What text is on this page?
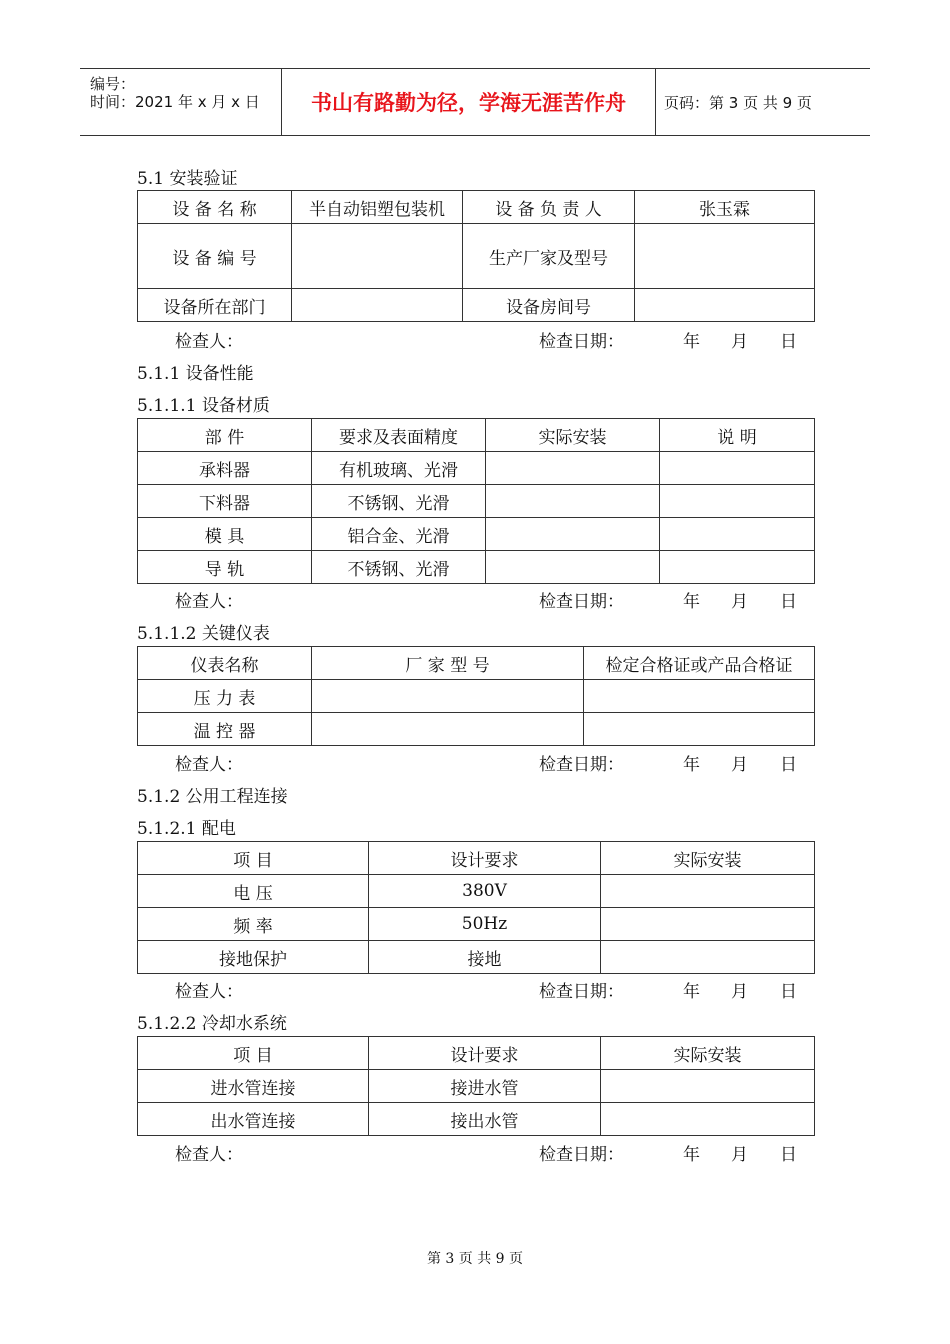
编号：
时间：2021 年 x 月 x 日	书山有路勤为径，学海无涯苦作舟	页码：第 3 页 共 9 页
5.1 安装验证
设 备 名 称	半自动铝塑包装机	设 备 负 责 人	张玉霖
设 备 编 号		生产厂家及型号	
设备所在部门		设备房间号	
检查人：	检查日期：	年 月 日
5.1.1 设备性能
5.1.1.1 设备材质
部 件	要求及表面精度	实际安装	说 明
承料器	有机玻璃、光滑		
下料器	不锈钢、光滑		
模 具	铝合金、光滑		
导 轨	不锈钢、光滑		
检查人：	检查日期：	年 月 日
5.1.1.2 关键仪表
仪表名称	厂 家 型 号	检定合格证或产品合格证
压 力 表		
温 控 器		
检查人：	检查日期：	年 月 日
5.1.2 公用工程连接
5.1.2.1 配电
项 目	设计要求	实际安装
电 压	380V	
频 率	50Hz	
接地保护	接地	
检查人：	检查日期：	年 月 日
5.1.2.2 冷却水系统
项 目	设计要求	实际安装
进水管连接	接进水管	
出水管连接	接出水管	
检查人：	检查日期：	年 月 日
第 3 页 共 9 页
